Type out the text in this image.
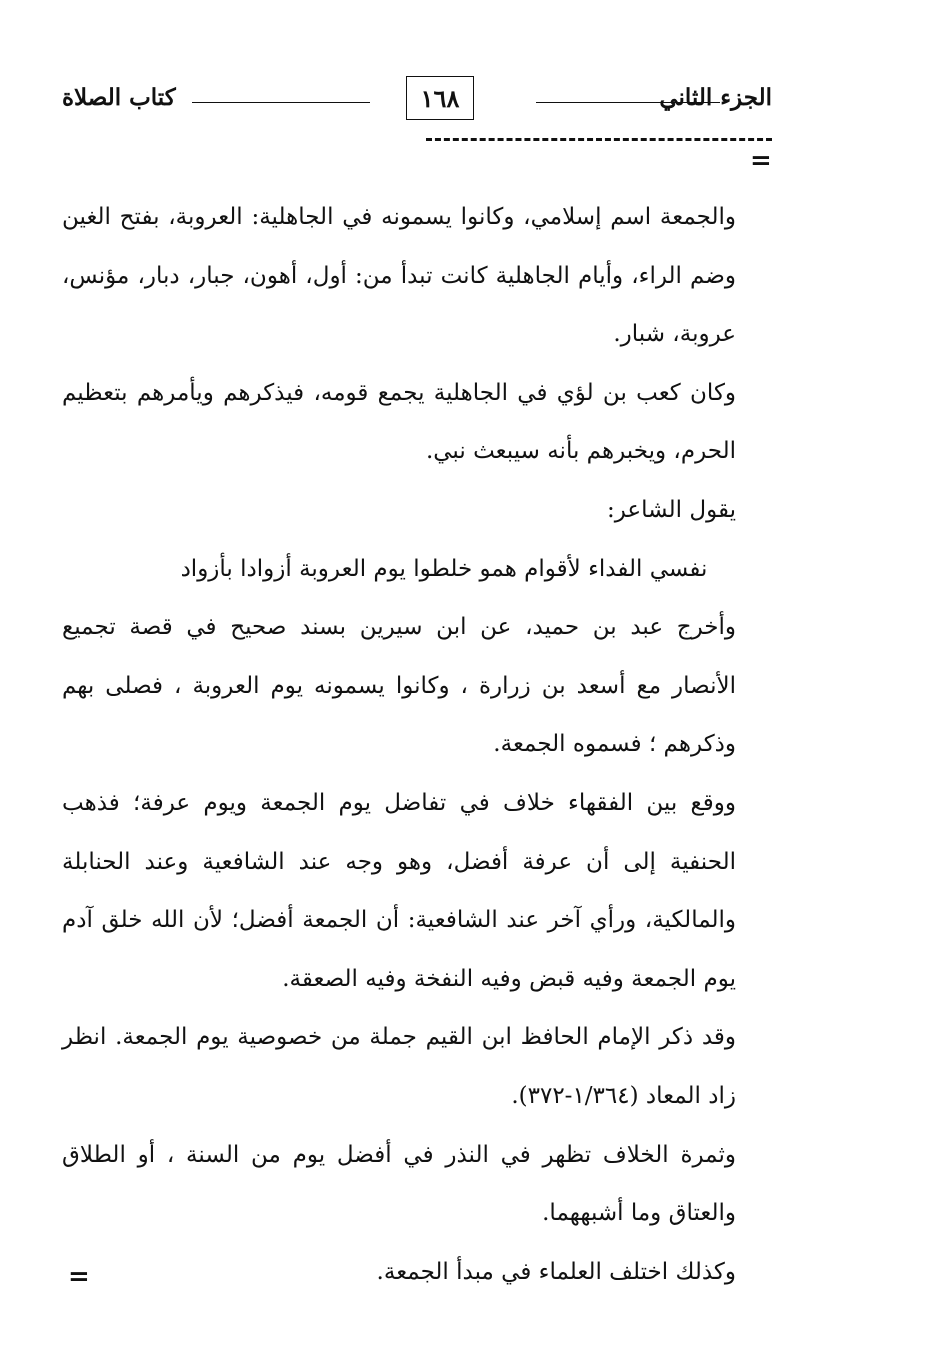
الجزء الثاني
١٦٨
كتاب الصلاة
=

والجمعة اسم إسلامي، وكانوا يسمونه في الجاهلية: العروبة، بفتح الغين وضم الراء، وأيام الجاهلية كانت تبدأ من: أول، أهون، جبار، دبار، مؤنس، عروبة، شبار.

وكان كعب بن لؤي في الجاهلية يجمع قومه، فيذكرهم ويأمرهم بتعظيم الحرم، ويخبرهم بأنه سيبعث نبي.

يقول الشاعر:

نفسي الفداء لأقوام همو خلطوا يوم العروبة أزوادا بأزواد

وأخرج عبد بن حميد، عن ابن سيرين بسند صحيح في قصة تجميع الأنصار مع أسعد بن زرارة ، وكانوا يسمونه يوم العروبة ، فصلى بهم وذكرهم ؛ فسموه الجمعة.

ووقع بين الفقهاء خلاف في تفاضل يوم الجمعة ويوم عرفة؛ فذهب الحنفية إلى أن عرفة أفضل، وهو وجه عند الشافعية وعند الحنابلة والمالكية، ورأي آخر عند الشافعية: أن الجمعة أفضل؛ لأن الله خلق آدم يوم الجمعة وفيه قبض وفيه النفخة وفيه الصعقة.

وقد ذكر الإمام الحافظ ابن القيم جملة من خصوصية يوم الجمعة. انظر زاد المعاد (١/٣٦٤-٣٧٢).

وثمرة الخلاف تظهر في النذر في أفضل يوم من السنة ، أو الطلاق والعتاق وما أشبههما.

وكذلك اختلف العلماء في مبدأ الجمعة.

=
